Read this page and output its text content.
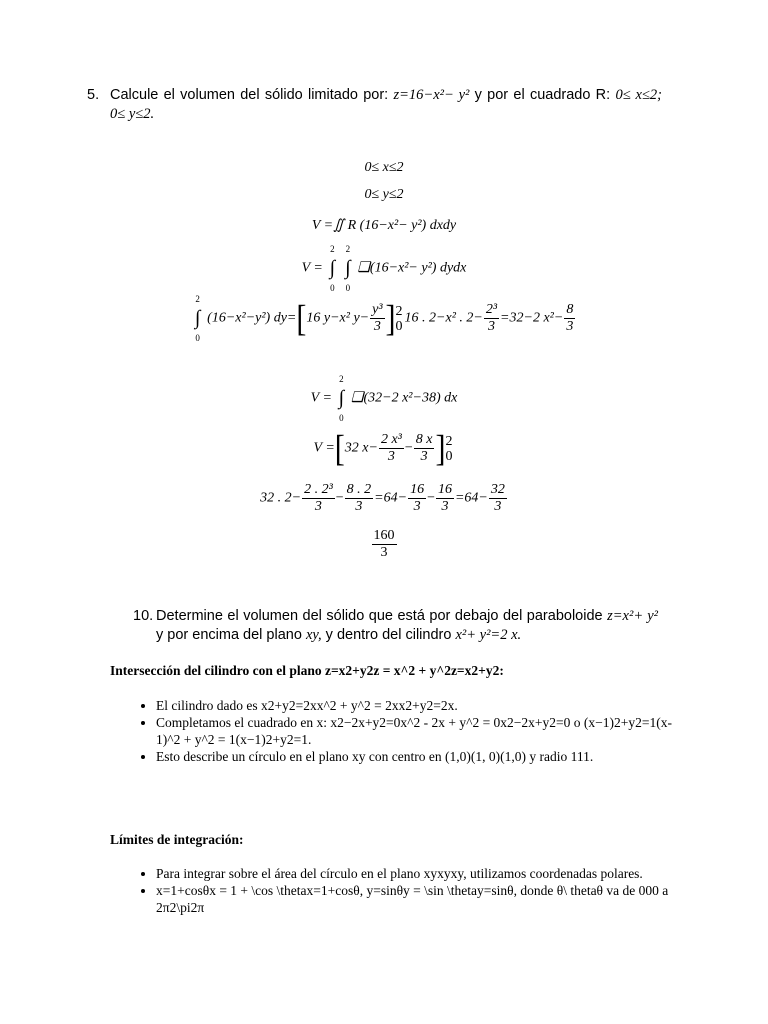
5. Calcule el volumen del sólido limitado por: z=16−x²− y² y por el cuadrado R: 0≤ x≤2; 0≤ y≤2.
0≤ x≤2
0≤ y≤2
V =∬ R (16−x²− y²) dxdy
V =
2
∫
0

2
∫
0
❑(16−x²− y²) dydx
2
∫
0
(16−x²−y²) dy=[16 y−x² $y- \frac{\text{y³}}{3}$ ] 2
0
16 . 2−x² . $2- \frac{\text{2³}}{3} =32-2$ $x^2- \frac{8}{3}$
V =
2
∫
0
❑(32−2 x²−38) dx
V =[32 $x- \frac{\text{2 x³}}{3} - \frac{8 x}{3}$ ] 2
0
32 . $2- \frac{\text{2 . 2³}}{3} - \frac{8 . 2}{3} =64- \frac{16}{3} - \frac{16}{3} =64- \frac{32}{3}$
$\frac{160}{3}$
10. Determine el volumen del sólido que está por debajo del paraboloide z=x²+ y² y por encima del plano xy, y dentro del cilindro x²+ y²=2 x.
Intersección del cilindro con el plano z=x2+y2z = x^2 + y^2z=x2+y2:
• El cilindro dado es x2+y2=2xx^2 + y^2 = 2xx2+y2=2x.
• Completamos el cuadrado en x: x2−2x+y2=0x^2 - 2x + y^2 = 0x2−2x+y2=0 o (x−1)2+y2=1(x-1)^2 + y^2 = 1(x−1)2+y2=1.
• Esto describe un círculo en el plano xy con centro en (1,0)(1, 0)(1,0) y radio 111.
Límites de integración:
• Para integrar sobre el área del círculo en el plano xyxyxy, utilizamos coordenadas polares.
• x=1+cosθx = 1 + \cos \thetax=1+cosθ, y=sinθy = \sin \thetay=sinθ, donde θ\ thetaθ va de 000 a 2π2\pi2π
